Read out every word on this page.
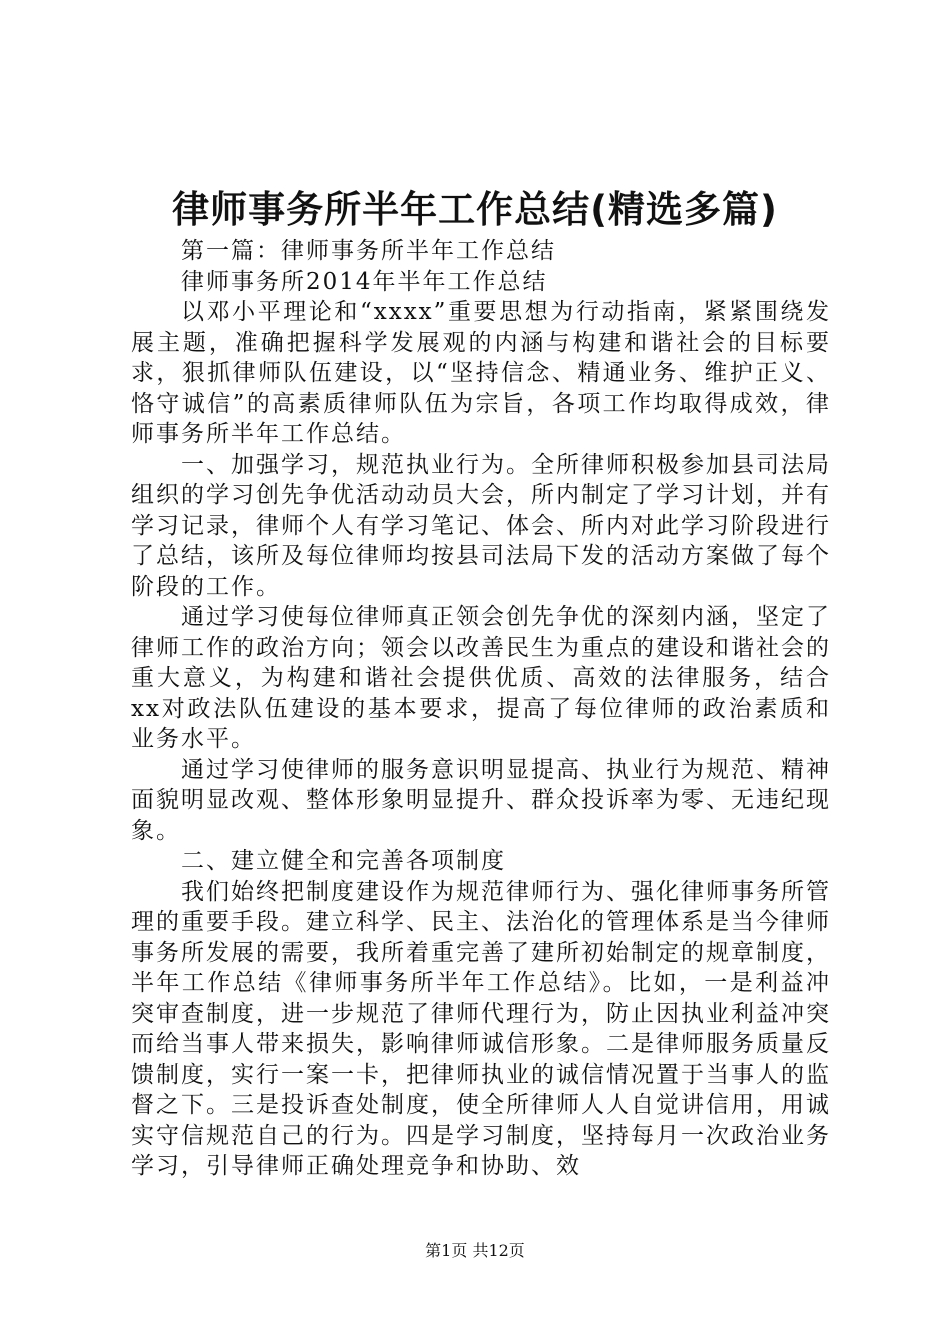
律师事务所半年工作总结(精选多篇)

第一篇：律师事务所半年工作总结

律师事务所2014年半年工作总结

以邓小平理论和“xxxx”重要思想为行动指南，紧紧围绕发展主题，准确把握科学发展观的内涵与构建和谐社会的目标要求，狠抓律师队伍建设，以“坚持信念、精通业务、维护正义、恪守诚信”的高素质律师队伍为宗旨，各项工作均取得成效，律师事务所半年工作总结。

一、加强学习，规范执业行为。全所律师积极参加县司法局组织的学习创先争优活动动员大会，所内制定了学习计划，并有学习记录，律师个人有学习笔记、体会、所内对此学习阶段进行了总结，该所及每位律师均按县司法局下发的活动方案做了每个阶段的工作。

通过学习使每位律师真正领会创先争优的深刻内涵，坚定了律师工作的政治方向；领会以改善民生为重点的建设和谐社会的重大意义，为构建和谐社会提供优质、高效的法律服务，结合xx对政法队伍建设的基本要求，提高了每位律师的政治素质和业务水平。

通过学习使律师的服务意识明显提高、执业行为规范、精神面貌明显改观、整体形象明显提升、群众投诉率为零、无违纪现象。

二、建立健全和完善各项制度

我们始终把制度建设作为规范律师行为、强化律师事务所管理的重要手段。建立科学、民主、法治化的管理体系是当今律师事务所发展的需要，我所着重完善了建所初始制定的规章制度，半年工作总结《律师事务所半年工作总结》。比如，一是利益冲突审查制度，进一步规范了律师代理行为，防止因执业利益冲突而给当事人带来损失，影响律师诚信形象。二是律师服务质量反馈制度，实行一案一卡，把律师执业的诚信情况置于当事人的监督之下。三是投诉查处制度，使全所律师人人自觉讲信用，用诚实守信规范自己的行为。四是学习制度，坚持每月一次政治业务学习，引导律师正确处理竞争和协助、效

第1页 共12页
